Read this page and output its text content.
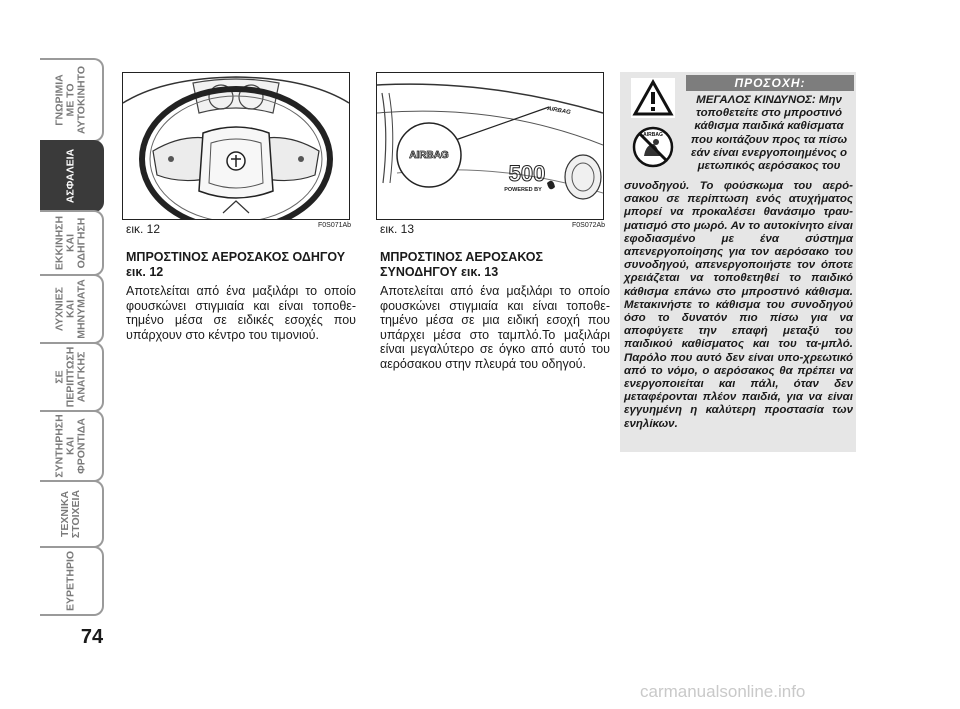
ΓΝΩΡΙΜΙΑ
ΜΕ ΤΟ
ΑΥΤΟΚΙΝΗΤΟ
ΑΣΦΑΛΕΙΑ
ΕΚΚΙΝΗΣΗ
ΚΑΙ
ΟΔΗΓΗΣΗ
ΛΥΧΝΙΕΣ
ΚΑΙ
ΜΗΝΥΜΑΤΑ
ΣΕ
ΠΕΡΙΠΤΩΣΗ
ΑΝΑΓΚΗΣ
ΣΥΝΤΗΡΗΣΗ
ΚΑΙ
ΦΡΟΝΤΙΔΑ
ΤΕΧΝΙΚΑ
ΣΤΟΙΧΕΙΑ
ΕΥΡΕΤΗΡΙΟ
74
εικ. 12	F0S071Ab
AIRBAG
AIRBAG
500
POWERED BY
εικ. 13	F0S072Ab

ΜΠΡΟΣΤΙΝΟΣ ΑΕΡΟΣΑΚΟΣ ΟΔΗΓΟΥ
εικ. 12

Αποτελείται από ένα μαξιλάρι το οποίο φουσκώνει στιγμιαία και είναι τοποθε-τημένο μέσα σε ειδικές εσοχές που υπάρχουν στο κέντρο του τιμονιού.

ΜΠΡΟΣΤΙΝΟΣ ΑΕΡΟΣΑΚΟΣ
ΣΥΝΟΔΗΓΟΥ εικ. 13

Αποτελείται από ένα μαξιλάρι το οποίο φουσκώνει στιγμιαία και είναι τοποθε-τημένο μέσα σε μια ειδική εσοχή που υπάρχει μέσα στο ταμπλό.Το μαξιλάρι είναι μεγαλύτερο σε όγκο από αυτό του αερόσακου στην πλευρά του οδηγού.

ΠΡΟΣΟΧΗ:
AIRBAG

ΜΕΓΑΛΟΣ ΚΙΝΔΥΝΟΣ: Μην τοποθετείτε στο μπροστινό κάθισμα παιδικά καθίσματα που κοιτάζουν προς τα πίσω εάν είναι ενεργοποιημένος ο μετωπικός αερόσακος του

συνοδηγού. Το φούσκωμα του αερό-σακου σε περίπτωση ενός ατυχήματος μπορεί να προκαλέσει θανάσιμο τραυ-ματισμό στο μωρό. Αν το αυτοκίνητο είναι εφοδιασμένο με ένα σύστημα απενεργοποίησης για τον αερόσακο του συνοδηγού, απενεργοποιήστε τον όποτε χρειάζεται να τοποθετηθεί το παιδικό κάθισμα επάνω στο μπροστινό κάθισμα. Μετακινήστε το κάθισμα του συνοδηγού όσο το δυνατόν πιο πίσω για να αποφύγετε την επαφή μεταξύ του παιδικού καθίσματος και του τα-μπλό. Παρόλο που αυτό δεν είναι υπο-χρεωτικό από το νόμο, ο αερόσακος θα πρέπει να ενεργοποιείται και πάλι, όταν δεν μεταφέρονται πλέον παιδιά, για να είναι εγγυημένη η καλύτερη προστασία των ενηλίκων.

carmanualsonline.info
